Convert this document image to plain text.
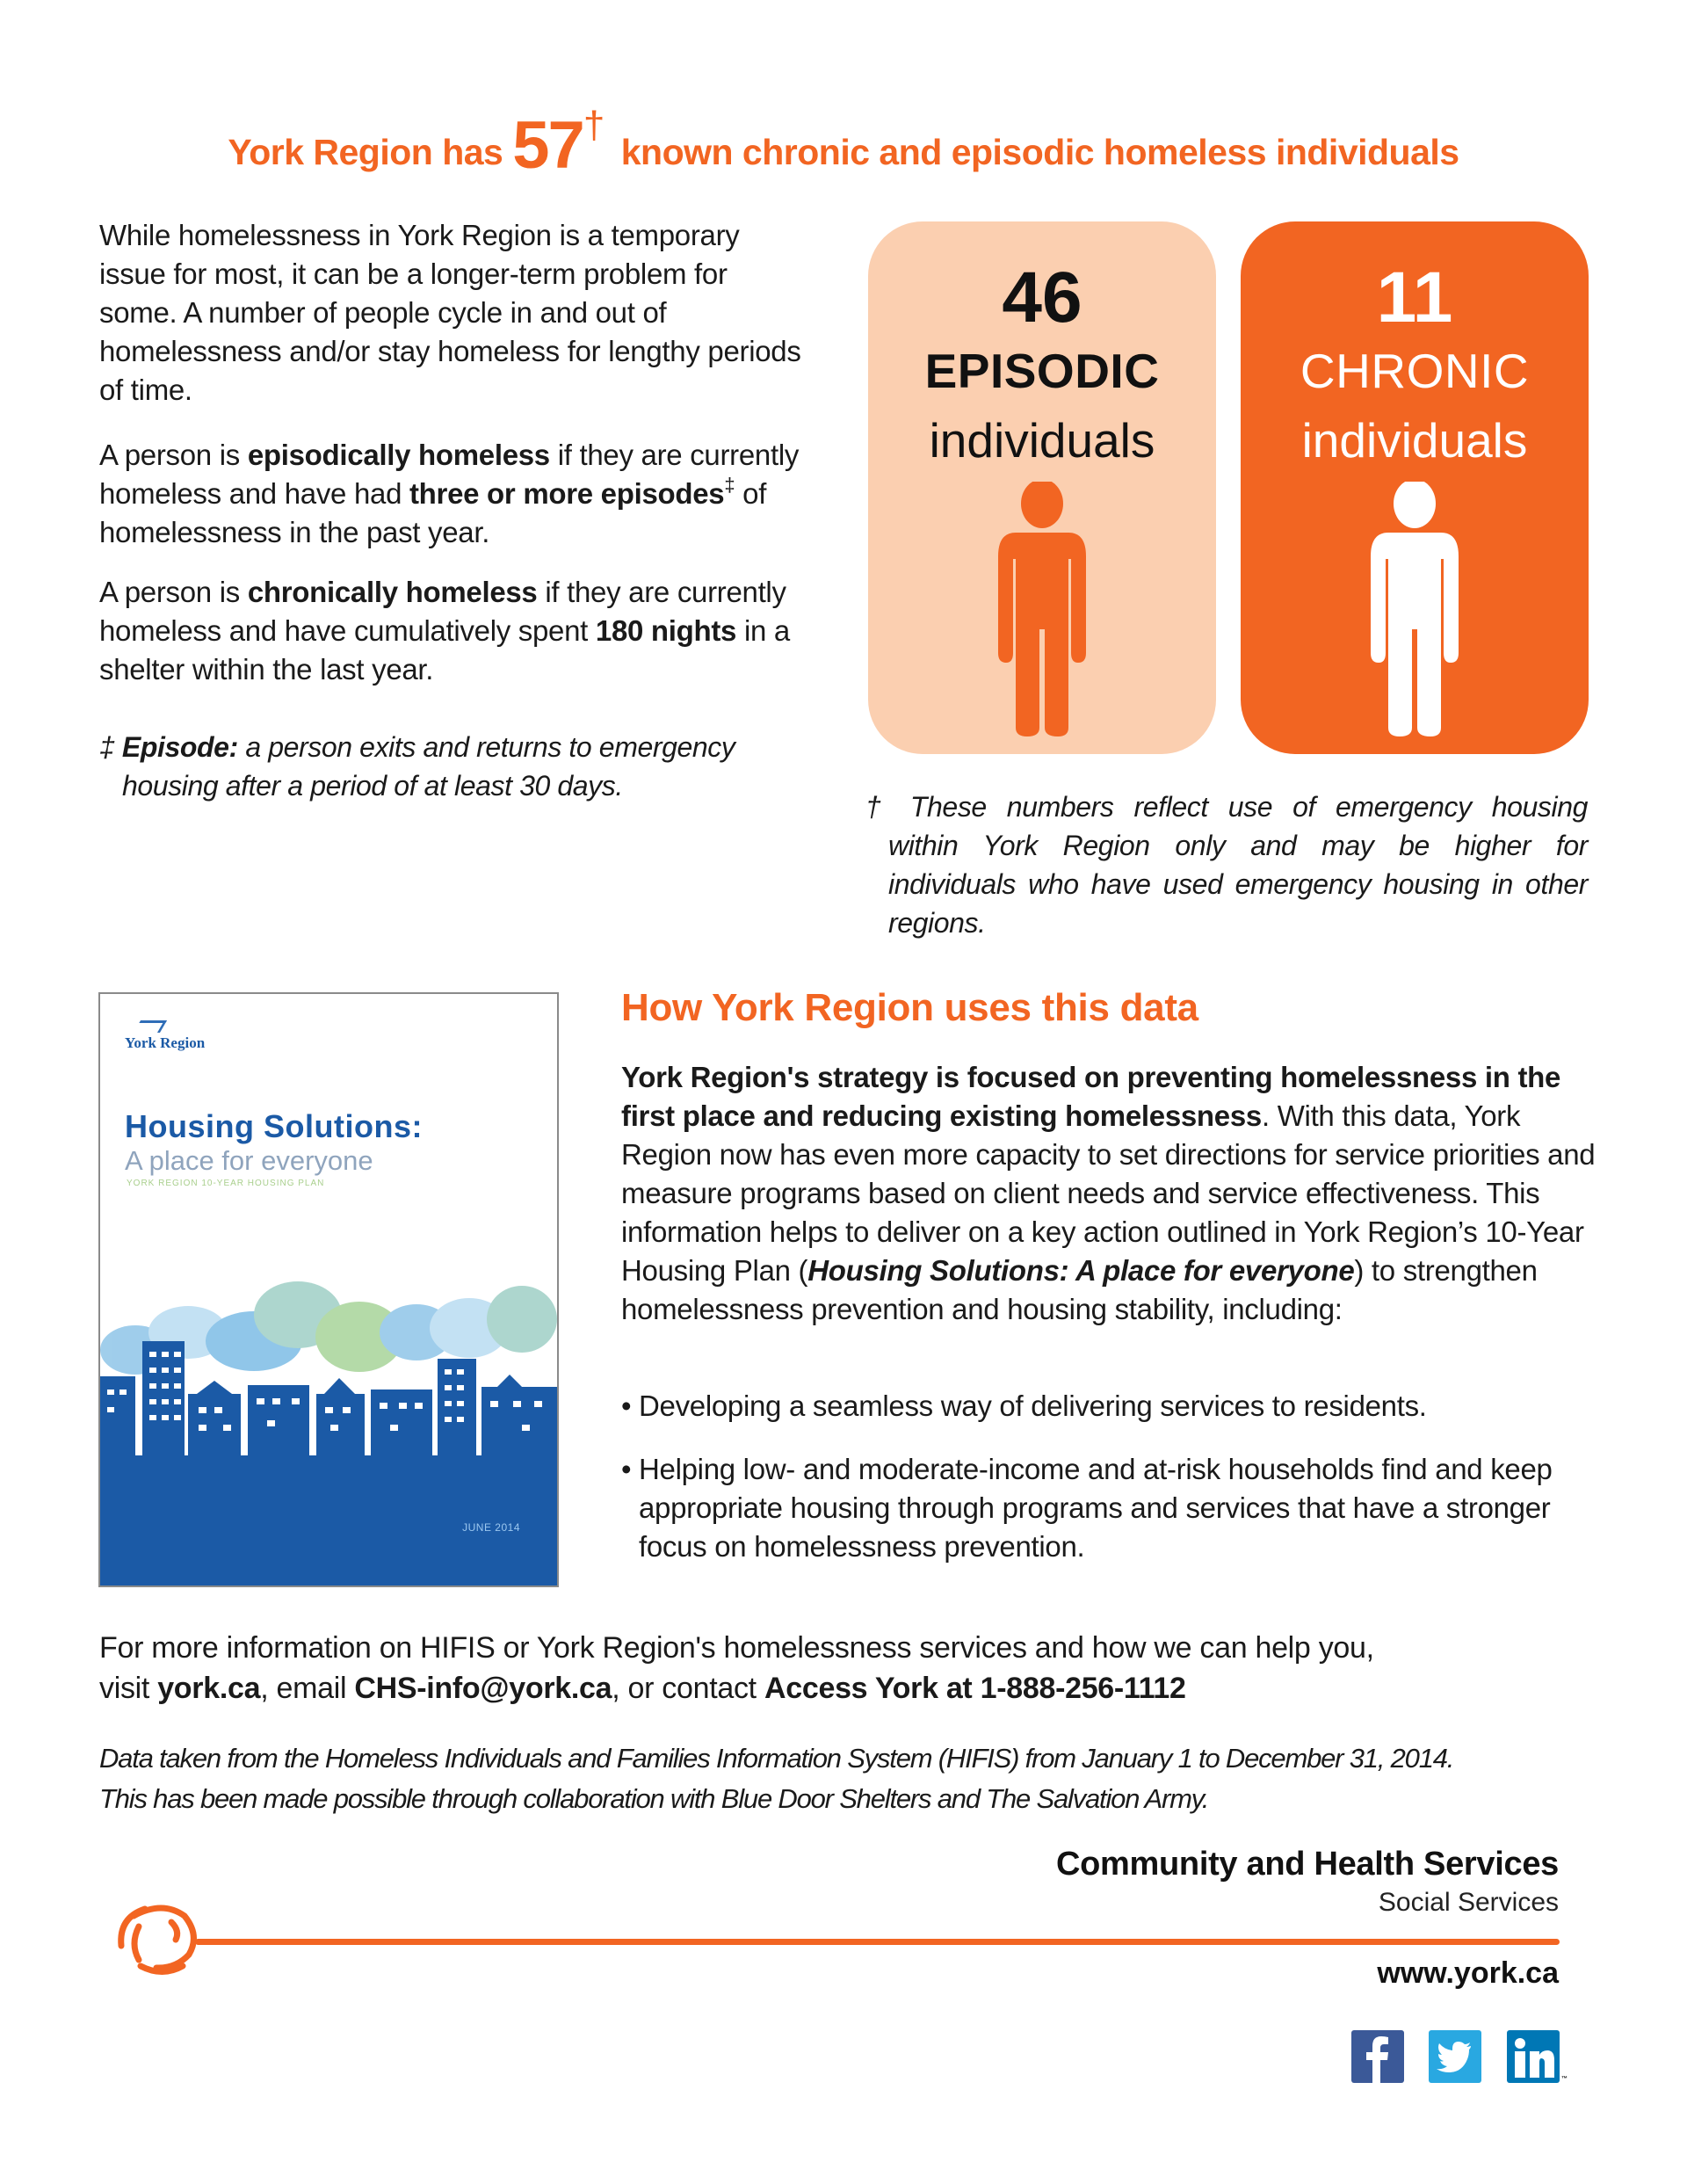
York Region has 57† known chronic and episodic homeless individuals

While homelessness in York Region is a temporary issue for most, it can be a longer-term problem for some. A number of people cycle in and out of homelessness and/or stay homeless for lengthy periods of time.

A person is episodically homeless if they are currently homeless and have had three or more episodes‡ of homelessness in the past year.

A person is chronically homeless if they are currently homeless and have cumulatively spent 180 nights in a shelter within the last year.

‡ Episode: a person exits and returns to emergency housing after a period of at least 30 days.

46
EPISODIC
individuals
11
CHRONIC
individuals

† These numbers reflect use of emergency housing within York Region only and may be higher for individuals who have used emergency housing in other regions.

York Region
Housing Solutions:
A place for everyone
YORK REGION 10-YEAR HOUSING PLAN
JUNE 2014
How York Region uses this data

York Region's strategy is focused on preventing homelessness in the first place and reducing existing homelessness. With this data, York Region now has even more capacity to set directions for service priorities and measure programs based on client needs and service effectiveness. This information helps to deliver on a key action outlined in York Region’s 10-Year Housing Plan (Housing Solutions: A place for everyone) to strengthen homelessness prevention and housing stability, including:

• Developing a seamless way of delivering services to residents.
• Helping low- and moderate-income and at-risk households find and keep appropriate housing through programs and services that have a stronger focus on homelessness prevention.

For more information on HIFIS or York Region's homelessness services and how we can help you,
visit york.ca, email CHS-info@york.ca, or contact Access York at 1-888-256-1112

Data taken from the Homeless Individuals and Families Information System (HIFIS) from January 1 to December 31, 2014.
This has been made possible through collaboration with Blue Door Shelters and The Salvation Army.

Community and Health Services
Social Services
www.york.ca
™
